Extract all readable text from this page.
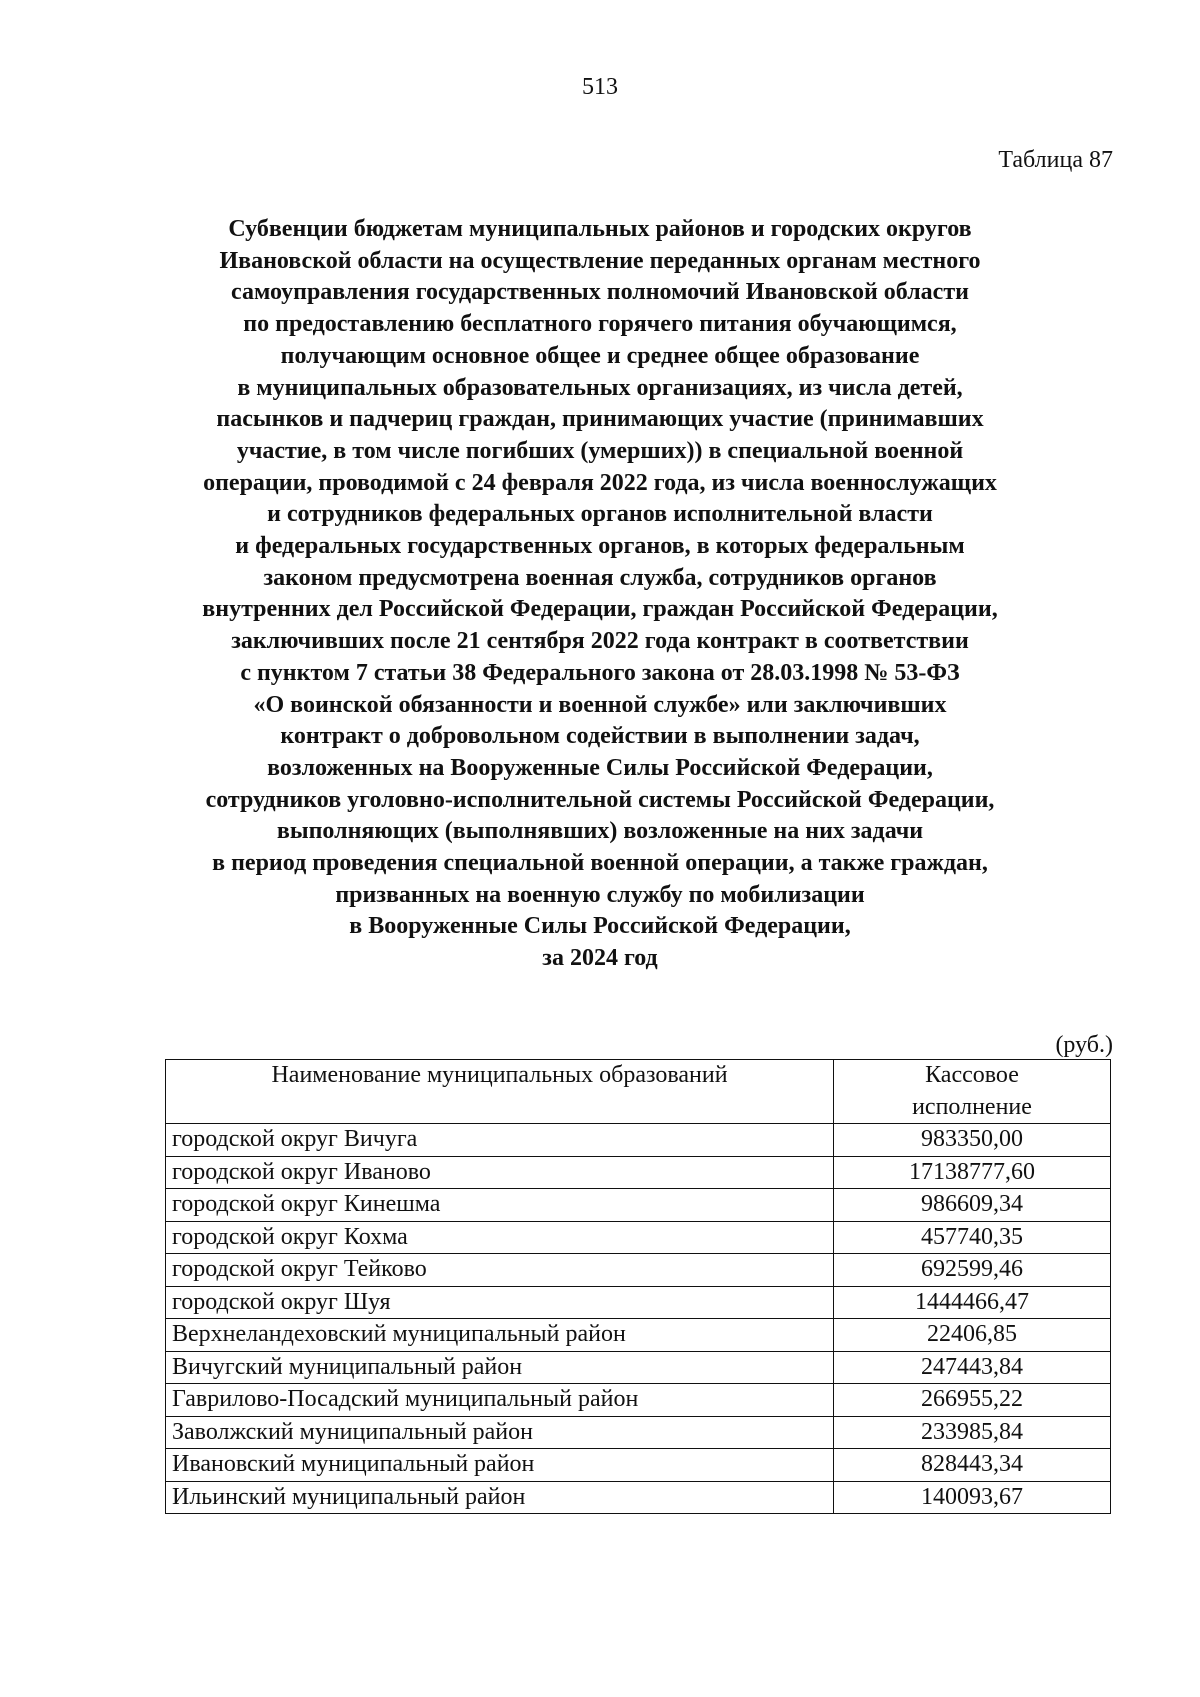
513
Таблица 87
Субвенции бюджетам муниципальных районов и городских округов
Ивановской области на осуществление переданных органам местного
самоуправления государственных полномочий Ивановской области
по предоставлению бесплатного горячего питания обучающимся,
получающим основное общее и среднее общее образование
в муниципальных образовательных организациях, из числа детей,
пасынков и падчериц граждан, принимающих участие (принимавших
участие, в том числе погибших (умерших)) в специальной военной
операции, проводимой с 24 февраля 2022 года, из числа военнослужащих
и сотрудников федеральных органов исполнительной власти
и федеральных государственных органов, в которых федеральным
законом предусмотрена военная служба, сотрудников органов
внутренних дел Российской Федерации, граждан Российской Федерации,
заключивших после 21 сентября 2022 года контракт в соответствии
с пунктом 7 статьи 38 Федерального закона от 28.03.1998 № 53-ФЗ
«О воинской обязанности и военной службе» или заключивших
контракт о добровольном содействии в выполнении задач,
возложенных на Вооруженные Силы Российской Федерации,
сотрудников уголовно-исполнительной системы Российской Федерации,
выполняющих (выполнявших) возложенные на них задачи
в период проведения специальной военной операции, а также граждан,
призванных на военную службу по мобилизации
в Вооруженные Силы Российской Федерации,
за 2024 год
(руб.)
Наименование муниципальных образований	Кассовое
исполнение

городской округ Вичуга	983350,00
городской округ Иваново	17138777,60
городской округ Кинешма	986609,34
городской округ Кохма	457740,35
городской округ Тейково	692599,46
городской округ Шуя	1444466,47
Верхнеландеховский муниципальный район	22406,85
Вичугский муниципальный район	247443,84
Гаврилово-Посадский муниципальный район	266955,22
Заволжский муниципальный район	233985,84
Ивановский муниципальный район	828443,34
Ильинский муниципальный район	140093,67
